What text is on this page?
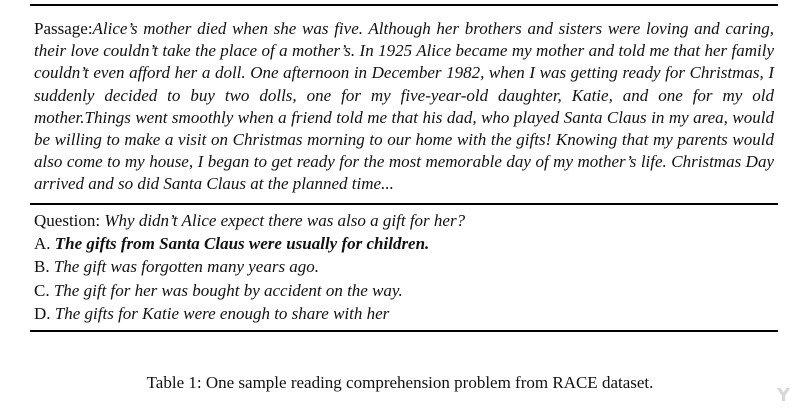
Passage:Alice’s mother died when she was five. Although her brothers and sisters were loving and caring, their love couldn’t take the place of a mother’s. In 1925 Alice became my mother and told me that her family couldn’t even afford her a doll. One afternoon in December 1982, when I was getting ready for Christmas, I suddenly decided to buy two dolls, one for my five-year-old daughter, Katie, and one for my old mother.Things went smoothly when a friend told me that his dad, who played Santa Claus in my area, would be willing to make a visit on Christmas morning to our home with the gifts! Knowing that my parents would also come to my house, I began to get ready for the most memorable day of my mother’s life. Christmas Day arrived and so did Santa Claus at the planned time...
Question: Why didn’t Alice expect there was also a gift for her?
A. The gifts from Santa Claus were usually for children.
B. The gift was forgotten many years ago.
C. The gift for her was bought by accident on the way.
D. The gifts for Katie were enough to share with her
Table 1: One sample reading comprehension problem from RACE dataset.
Y
